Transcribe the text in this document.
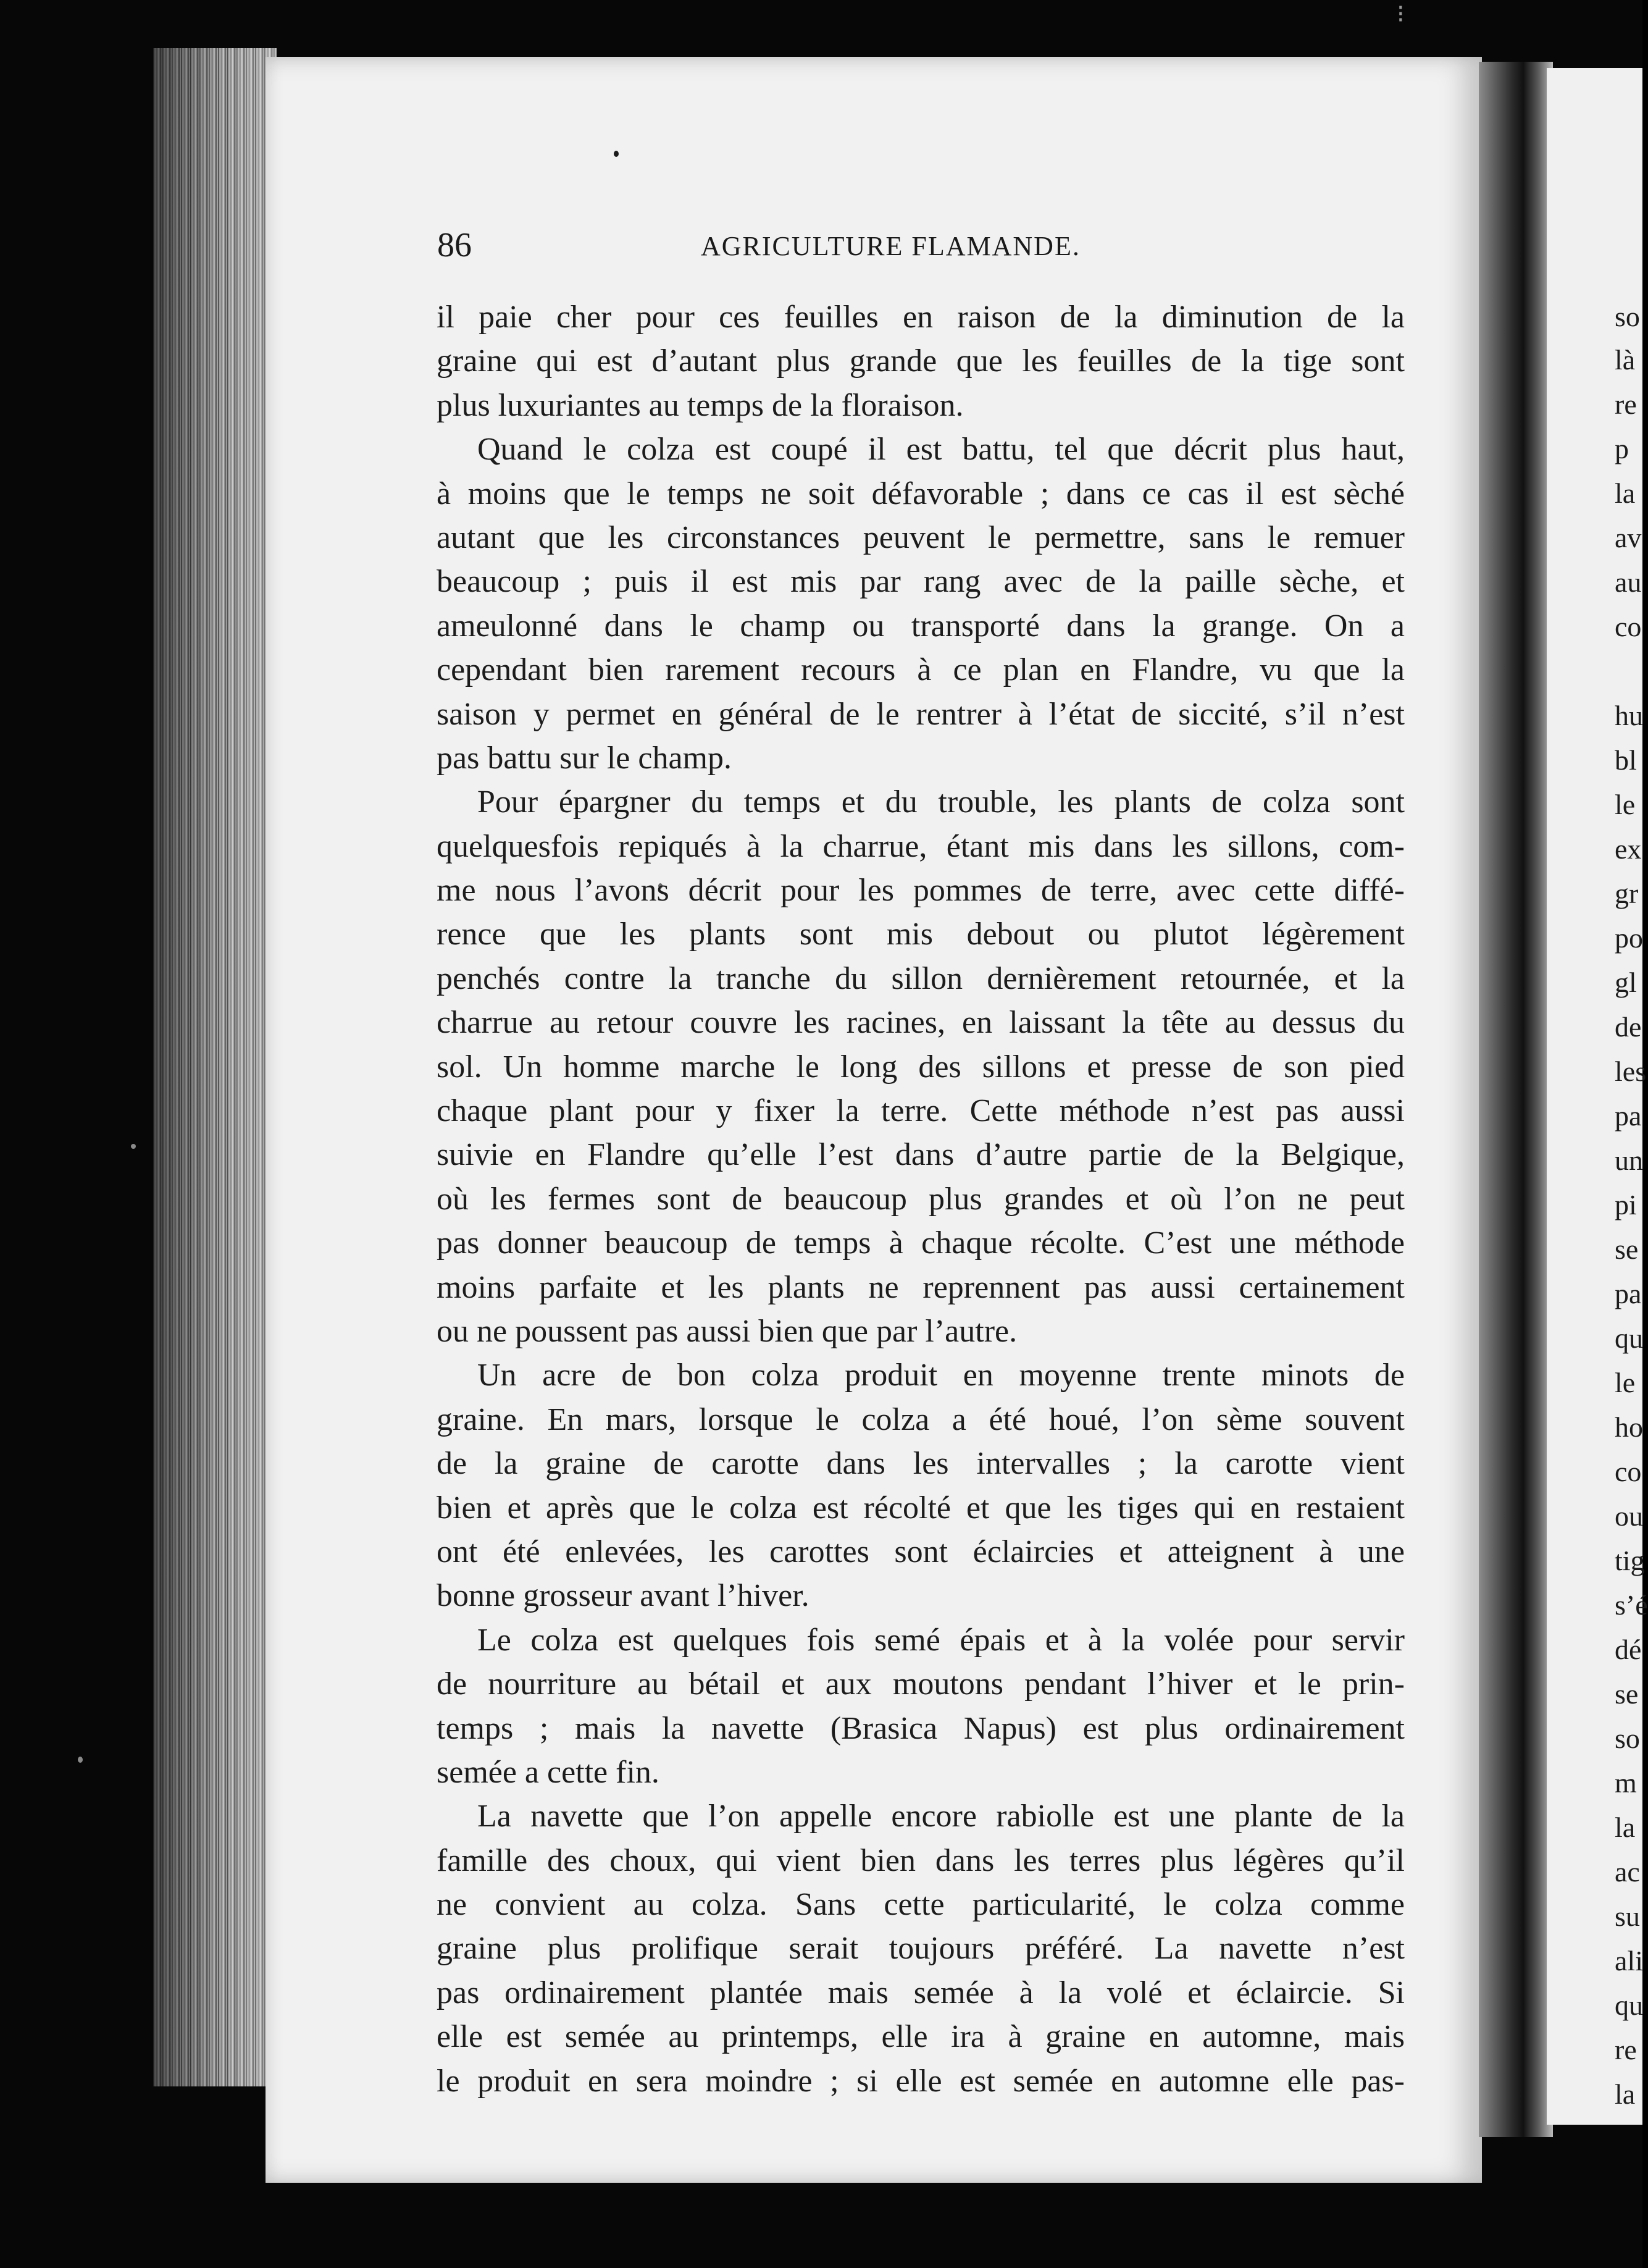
⁝
so
là
re
p
la
av
au
co
hu
bl
le
ex
gr
po
gl
de
les
pa
un
pi
se
pa
qu
le
ho
co
ou
tig
s’é
dé
se
so
m
la
ac
su
ali
qu
re
la
86	AGRICULTURE FLAMANDE.
il paie cher pour ces feuilles en raison de la diminution de la
graine qui est d’autant plus grande que les feuilles de la tige sont
plus luxuriantes au temps de la floraison.
Quand le colza est coupé il est battu, tel que décrit plus haut,
à moins que le temps ne soit défavorable ; dans ce cas il est sèché
autant que les circonstances peuvent le permettre, sans le remuer
beaucoup ; puis il est mis par rang avec de la paille sèche, et
ameulonné dans le champ ou transporté dans la grange. On a
cependant bien rarement recours à ce plan en Flandre, vu que la
saison y permet en général de le rentrer à l’état de siccité, s’il n’est
pas battu sur le champ.
Pour épargner du temps et du trouble, les plants de colza sont
quelquesfois repiqués à la charrue, étant mis dans les sillons, com-
me nous l’avons décrit pour les pommes de terre, avec cette diffé-
rence que les plants sont mis debout ou plutot légèrement
penchés contre la tranche du sillon dernièrement retournée, et la
charrue au retour couvre les racines, en laissant la tête au dessus du
sol. Un homme marche le long des sillons et presse de son pied
chaque plant pour y fixer la terre. Cette méthode n’est pas aussi
suivie en Flandre qu’elle l’est dans d’autre partie de la Belgique,
où les fermes sont de beaucoup plus grandes et où l’on ne peut
pas donner beaucoup de temps à chaque récolte. C’est une méthode
moins parfaite et les plants ne reprennent pas aussi certainement
ou ne poussent pas aussi bien que par l’autre.
Un acre de bon colza produit en moyenne trente minots de
graine. En mars, lorsque le colza a été houé, l’on sème souvent
de la graine de carotte dans les intervalles ; la carotte vient
bien et après que le colza est récolté et que les tiges qui en restaient
ont été enlevées, les carottes sont éclaircies et atteignent à une
bonne grosseur avant l’hiver.
Le colza est quelques fois semé épais et à la volée pour servir
de nourriture au bétail et aux moutons pendant l’hiver et le prin-
temps ; mais la navette (Brasica Napus) est plus ordinairement
semée a cette fin.
La navette que l’on appelle encore rabiolle est une plante de la
famille des choux, qui vient bien dans les terres plus légères qu’il
ne convient au colza. Sans cette particularité, le colza comme
graine plus prolifique serait toujours préféré. La navette n’est
pas ordinairement plantée mais semée à la volé et éclaircie. Si
elle est semée au printemps, elle ira à graine en automne, mais
le produit en sera moindre ; si elle est semée en automne elle pas-
